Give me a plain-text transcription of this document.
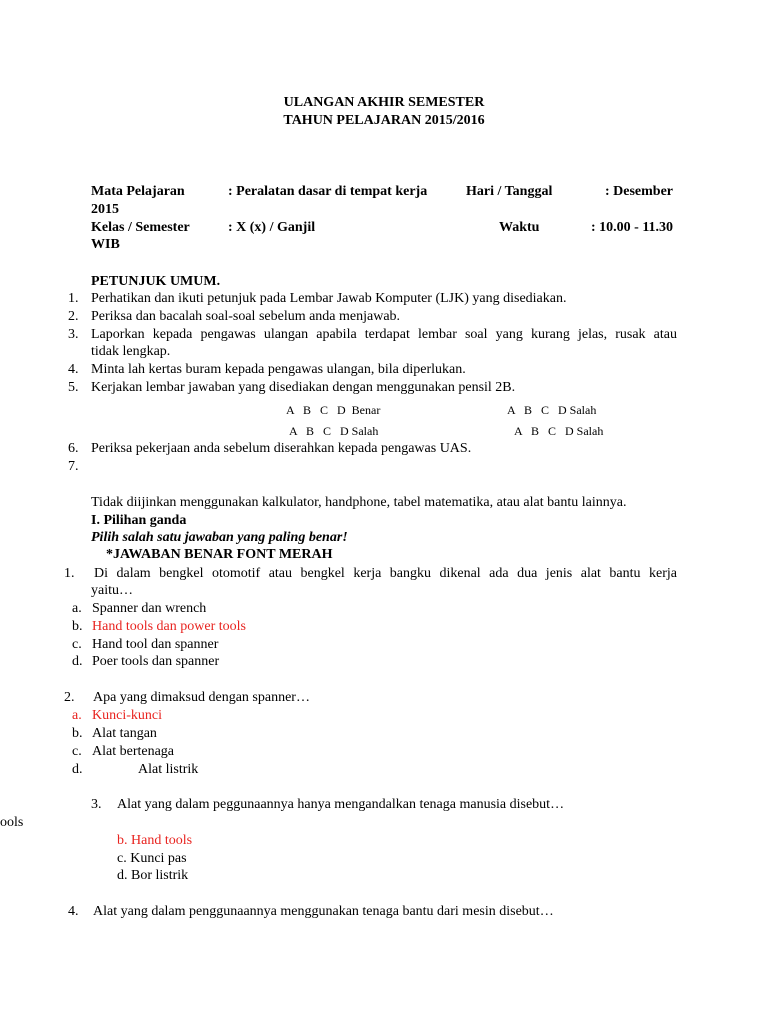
ULANGAN AKHIR SEMESTER
TAHUN PELAJARAN 2015/2016
Mata Pelajaran	: Peralatan dasar di tempat kerja	Hari / Tanggal	: Desember
2015
Kelas / Semester	: X (x) / Ganjil	Waktu	: 10.00 - 11.30
WIB
PETUNJUK UMUM.
1. Perhatikan dan ikuti petunjuk pada Lembar Jawab Komputer (LJK) yang disediakan.
2. Periksa dan bacalah soal-soal sebelum anda menjawab.
3. Laporkan kepada pengawas ulangan apabila terdapat lembar soal yang kurang jelas, rusak atau
tidak lengkap.
4. Minta lah kertas buram kepada pengawas ulangan, bila diperlukan.
5. Kerjakan lembar jawaban yang disediakan dengan menggunakan pensil 2B.
A   B   C   D  Benar	A   B   C   D Salah
A   B   C   D Salah	A   B   C   D Salah
6. Periksa pekerjaan anda sebelum diserahkan kepada pengawas UAS.
7.
Tidak diijinkan menggunakan kalkulator, handphone, tabel matematika, atau alat bantu lainnya.
I. Pilihan ganda
Pilih salah satu jawaban yang paling benar!
*JAWABAN BENAR FONT MERAH
1. Di dalam bengkel otomotif atau bengkel kerja bangku dikenal ada dua jenis alat bantu kerja
yaitu…
a. Spanner dan wrench
b. Hand tools dan power tools
c. Hand tool dan spanner
d. Poer tools dan spanner
2. Apa yang dimaksud dengan spanner…
a. Kunci-kunci
b. Alat tangan
c. Alat bertenaga
d.	Alat listrik
3. Alat yang dalam peggunaannya hanya mengandalkan tenaga manusia disebut…
ools
b. Hand tools
c. Kunci pas
d. Bor listrik
4. Alat yang dalam penggunaannya menggunakan tenaga bantu dari mesin disebut…
